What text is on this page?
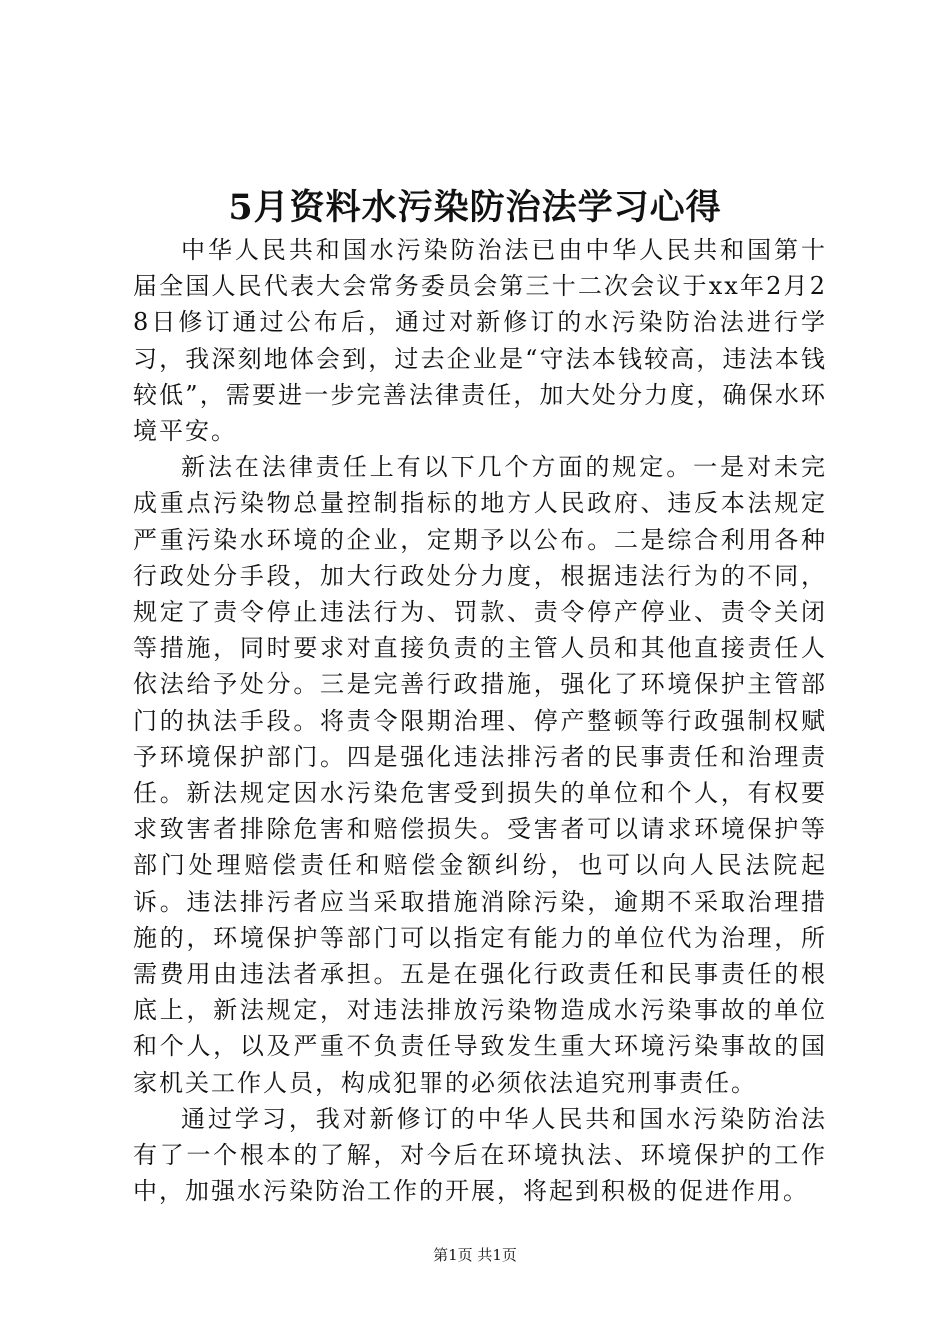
5月资料水污染防治法学习心得

中华人民共和国水污染防治法已由中华人民共和国第十届全国人民代表大会常务委员会第三十二次会议于xx年2月28日修订通过公布后，通过对新修订的水污染防治法进行学习，我深刻地体会到，过去企业是“守法本钱较高，违法本钱较低”，需要进一步完善法律责任，加大处分力度，确保水环境平安。

新法在法律责任上有以下几个方面的规定。一是对未完成重点污染物总量控制指标的地方人民政府、违反本法规定严重污染水环境的企业，定期予以公布。二是综合利用各种行政处分手段，加大行政处分力度，根据违法行为的不同，规定了责令停止违法行为、罚款、责令停产停业、责令关闭等措施，同时要求对直接负责的主管人员和其他直接责任人依法给予处分。三是完善行政措施，强化了环境保护主管部门的执法手段。将责令限期治理、停产整顿等行政强制权赋予环境保护部门。四是强化违法排污者的民事责任和治理责任。新法规定因水污染危害受到损失的单位和个人，有权要求致害者排除危害和赔偿损失。受害者可以请求环境保护等部门处理赔偿责任和赔偿金额纠纷，也可以向人民法院起诉。违法排污者应当采取措施消除污染，逾期不采取治理措施的，环境保护等部门可以指定有能力的单位代为治理，所需费用由违法者承担。五是在强化行政责任和民事责任的根底上，新法规定，对违法排放污染物造成水污染事故的单位和个人，以及严重不负责任导致发生重大环境污染事故的国家机关工作人员，构成犯罪的必须依法追究刑事责任。

通过学习，我对新修订的中华人民共和国水污染防治法有了一个根本的了解，对今后在环境执法、环境保护的工作中，加强水污染防治工作的开展，将起到积极的促进作用。

第1页 共1页
